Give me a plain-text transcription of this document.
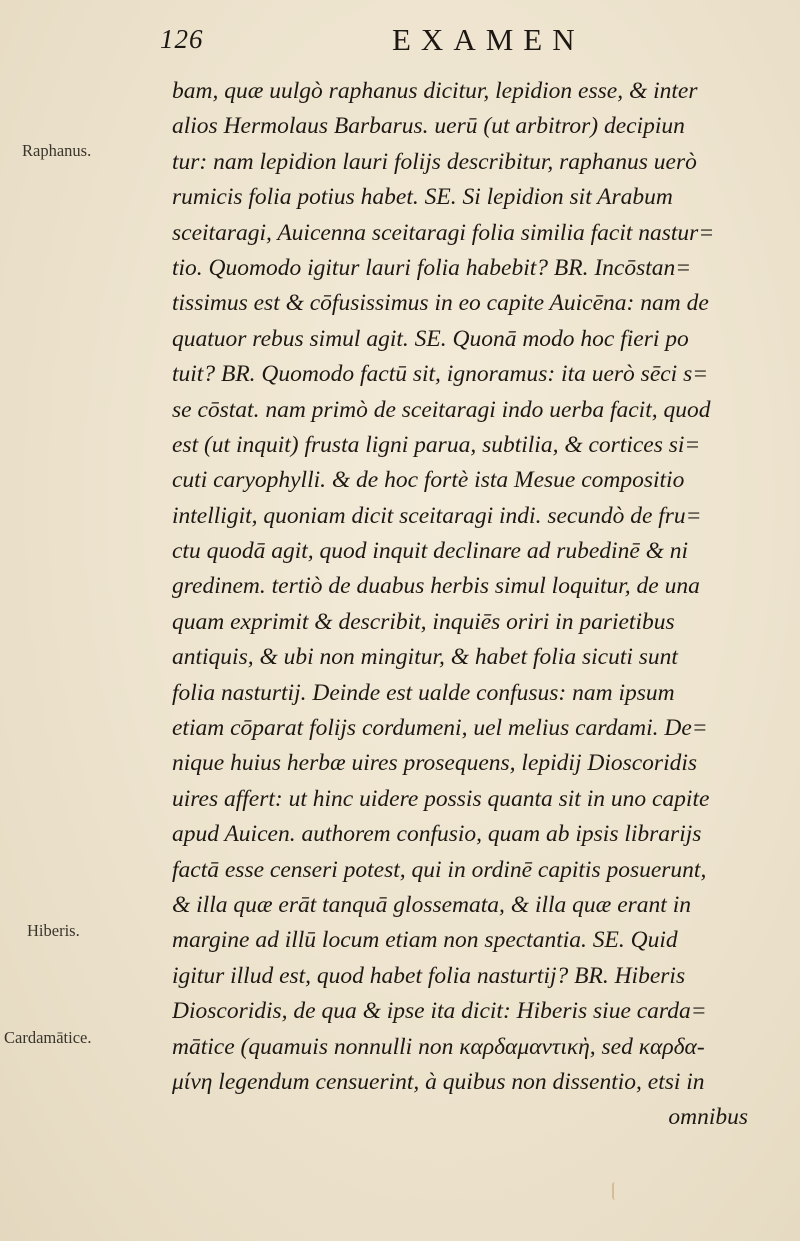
126	EXAMEN
Raphanus.
Hiberis.
Cardamātice.
bam, quæ uulgò raphanus dicitur, lepidion esse, & inter
alios Hermolaus Barbarus. uerū (ut arbitror) decipiun
tur: nam lepidion lauri folijs describitur, raphanus uerò
rumicis folia potius habet. SE. Si lepidion sit Arabum
sceitaragi, Auicenna sceitaragi folia similia facit nastur=
tio. Quomodo igitur lauri folia habebit? BR. Incōstan=
tissimus est & cōfusissimus in eo capite Auicēna: nam de
quatuor rebus simul agit. SE. Quonā modo hoc fieri po
tuit? BR. Quomodo factū sit, ignoramus: ita uerò sēci s=
se cōstat. nam primò de sceitaragi indo uerba facit, quod
est (ut inquit) frusta ligni parua, subtilia, & cortices si=
cuti caryophylli. & de hoc fortè ista Mesue compositio
intelligit, quoniam dicit sceitaragi indi. secundò de fru=
ctu quodā agit, quod inquit declinare ad rubedinē & ni
gredinem. tertiò de duabus herbis simul loquitur, de una
quam exprimit & describit, inquiēs oriri in parietibus
antiquis, & ubi non mingitur, & habet folia sicuti sunt
folia nasturtij. Deinde est ualde confusus: nam ipsum
etiam cōparat folijs cordumeni, uel melius cardami. De=
nique huius herbæ uires prosequens, lepidij Dioscoridis
uires affert: ut hinc uidere possis quanta sit in uno capite
apud Auicen. authorem confusio, quam ab ipsis librarijs
factā esse censeri potest, qui in ordinē capitis posuerunt,
& illa quæ erāt tanquā glossemata, & illa quæ erant in
margine ad illū locum etiam non spectantia. SE. Quid
igitur illud est, quod habet folia nasturtij? BR. Hiberis
Dioscoridis, de qua & ipse ita dicit: Hiberis siue carda=
mātice (quamuis nonnulli non καρδαμαντικὴ, sed καρδα-
μίνη legendum censuerint, à quibus non dissentio, etsi in
omnibus
